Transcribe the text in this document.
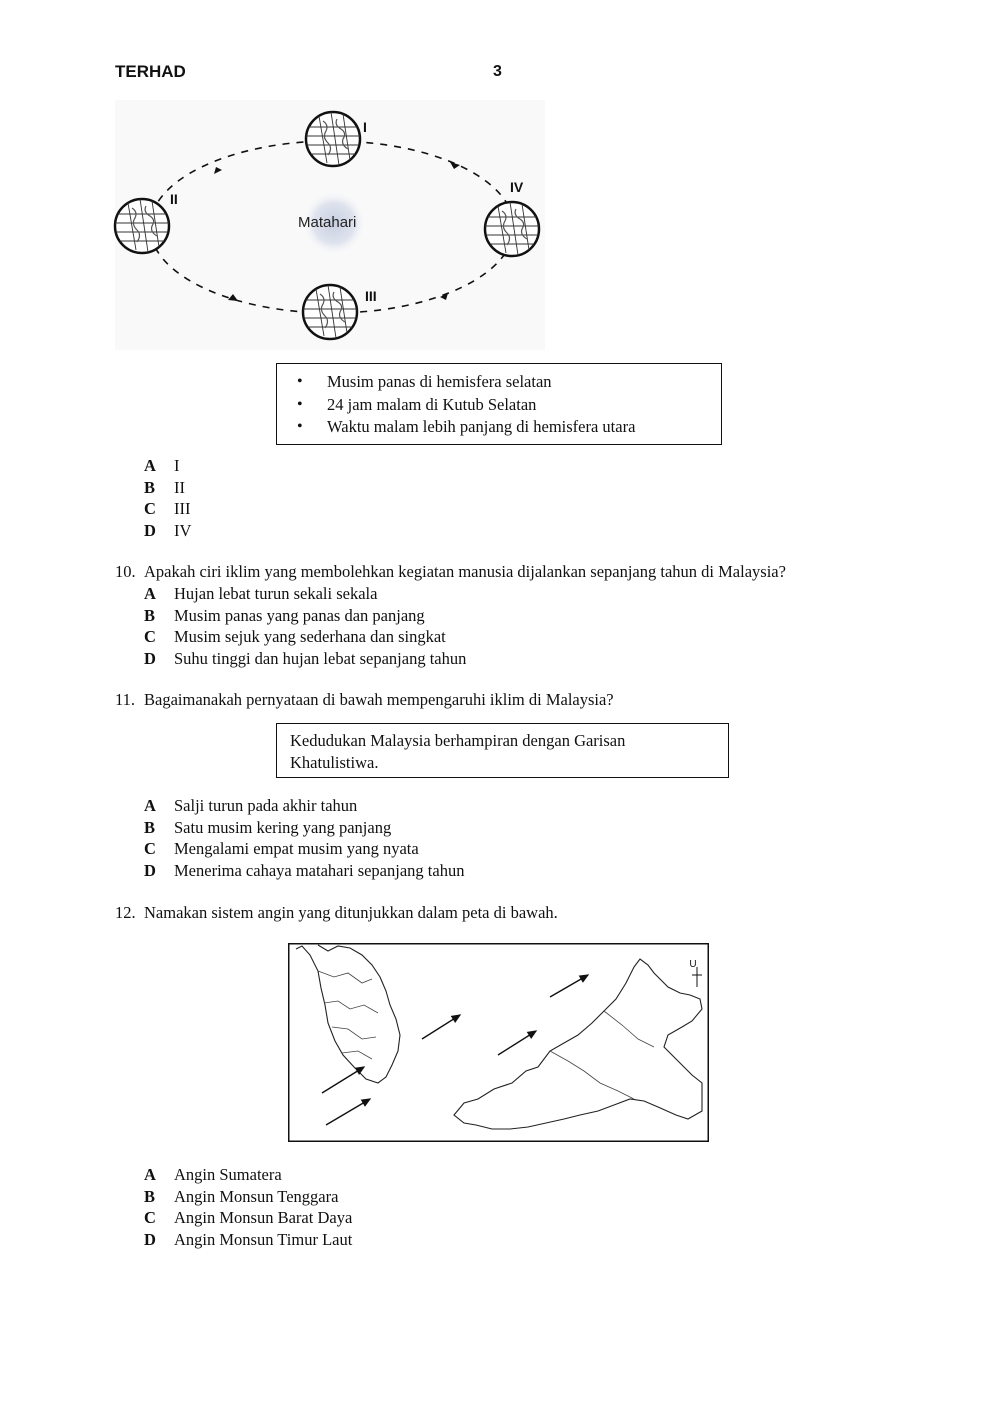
TERHAD	3
Matahari
I
II
III
IV
• Musim panas di hemisfera selatan
• 24 jam malam di Kutub Selatan
• Waktu malam lebih panjang di hemisfera utara
A I
B II
C III
D IV
10. Apakah ciri iklim yang membolehkan kegiatan manusia dijalankan sepanjang tahun di Malaysia?
A Hujan lebat turun sekali sekala
B Musim panas yang panas dan panjang
C Musim sejuk yang sederhana dan singkat
D Suhu tinggi dan hujan lebat sepanjang tahun
11. Bagaimanakah pernyataan di bawah mempengaruhi iklim di Malaysia?
Kedudukan Malaysia berhampiran dengan Garisan
Khatulistiwa.
A Salji turun pada akhir tahun
B Satu musim kering yang panjang
C Mengalami empat musim yang nyata
D Menerima cahaya matahari sepanjang tahun
12. Namakan sistem angin yang ditunjukkan dalam peta di bawah.
U
A Angin Sumatera
B Angin Monsun Tenggara
C Angin Monsun Barat Daya
D Angin Monsun Timur Laut
